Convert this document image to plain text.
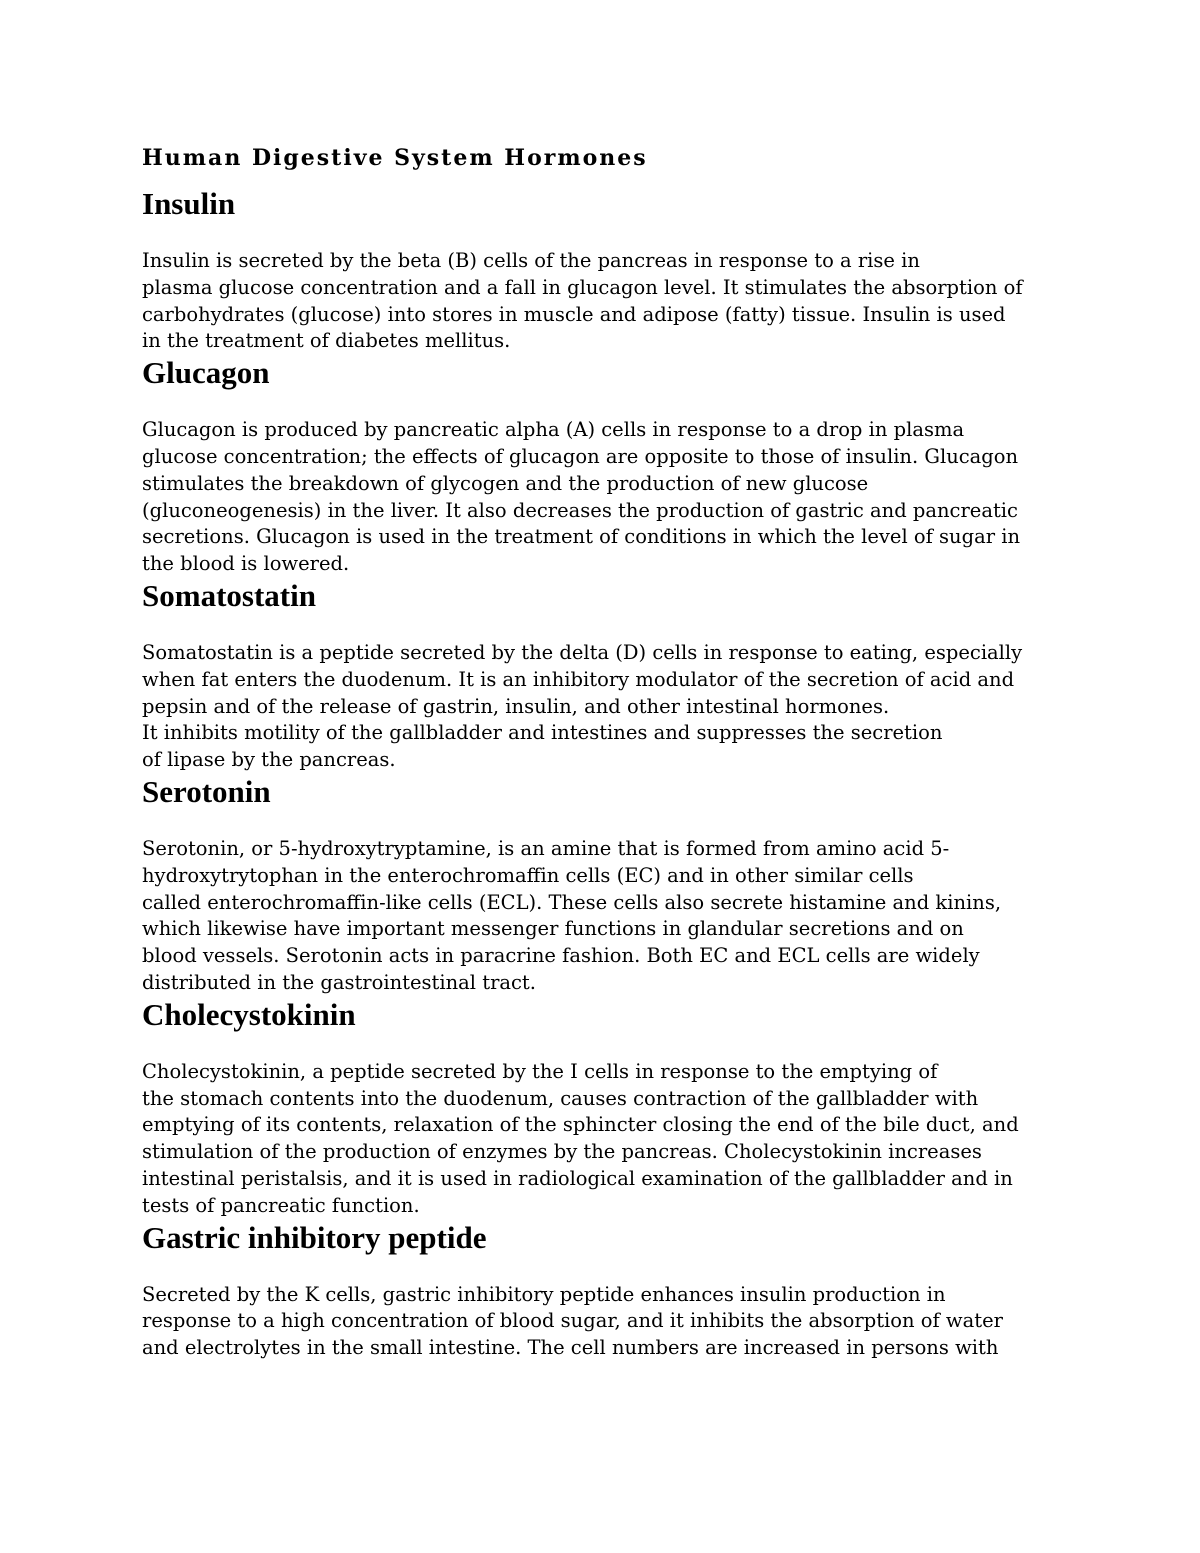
Human Digestive System Hormones
Insulin

Insulin is secreted by the beta (B) cells of the pancreas in response to a rise in
plasma glucose concentration and a fall in glucagon level. It stimulates the absorption of
carbohydrates (glucose) into stores in muscle and adipose (fatty) tissue. Insulin is used
in the treatment of diabetes mellitus.

Glucagon

Glucagon is produced by pancreatic alpha (A) cells in response to a drop in plasma
glucose concentration; the effects of glucagon are opposite to those of insulin. Glucagon
stimulates the breakdown of glycogen and the production of new glucose
(gluconeogenesis) in the liver. It also decreases the production of gastric and pancreatic
secretions. Glucagon is used in the treatment of conditions in which the level of sugar in
the blood is lowered.

Somatostatin

Somatostatin is a peptide secreted by the delta (D) cells in response to eating, especially
when fat enters the duodenum. It is an inhibitory modulator of the secretion of acid and
pepsin and of the release of gastrin, insulin, and other intestinal hormones.
It inhibits motility of the gallbladder and intestines and suppresses the secretion
of lipase by the pancreas.

Serotonin

Serotonin, or 5-hydroxytryptamine, is an amine that is formed from amino acid 5-
hydroxytrytophan in the enterochromaffin cells (EC) and in other similar cells
called enterochromaffin-like cells (ECL). These cells also secrete histamine and kinins,
which likewise have important messenger functions in glandular secretions and on
blood vessels. Serotonin acts in paracrine fashion. Both EC and ECL cells are widely
distributed in the gastrointestinal tract.

Cholecystokinin

Cholecystokinin, a peptide secreted by the I cells in response to the emptying of
the stomach contents into the duodenum, causes contraction of the gallbladder with
emptying of its contents, relaxation of the sphincter closing the end of the bile duct, and
stimulation of the production of enzymes by the pancreas. Cholecystokinin increases
intestinal peristalsis, and it is used in radiological examination of the gallbladder and in
tests of pancreatic function.

Gastric inhibitory peptide

Secreted by the K cells, gastric inhibitory peptide enhances insulin production in
response to a high concentration of blood sugar, and it inhibits the absorption of water
and electrolytes in the small intestine. The cell numbers are increased in persons with
